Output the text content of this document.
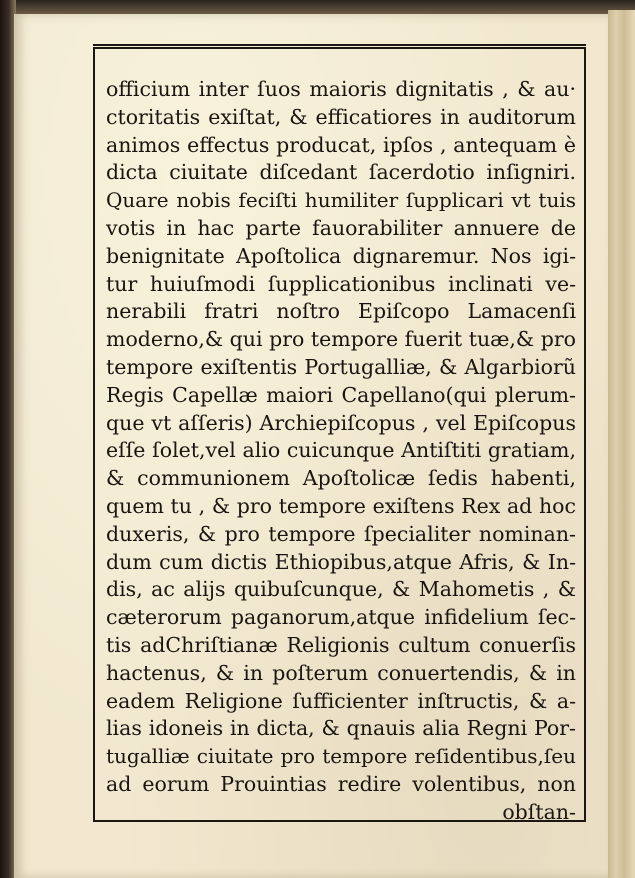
officium inter ſuos maioris dignitatis , & au·
ctoritatis exiſtat, & efficatiores in auditorum
animos effectus producat, ipſos , antequam è
dicta ciuitate diſcedant ſacerdotio inſigniri.
Quare nobis feciſti humiliter ſupplicari vt tuis
votis in hac parte fauorabiliter annuere de
benignitate Apoſtolica dignaremur. Nos igi-
tur huiuſmodi ſupplicationibus inclinati ve-
nerabili fratri noſtro Epiſcopo Lamacenſi
moderno,& qui pro tempore fuerit tuæ,& pro
tempore exiſtentis Portugalliæ, & Algarbiorũ
Regis Capellæ maiori Capellano(qui plerum-
que vt aſſeris) Archiepiſcopus , vel Epiſcopus
eſſe ſolet,vel alio cuicunque Antiſtiti gratiam,
& communionem Apoſtolicæ ſedis habenti,
quem tu , & pro tempore exiſtens Rex ad hoc
duxeris, & pro tempore ſpecialiter nominan-
dum cum dictis Ethiopibus,atque Afris, & In-
dis, ac alijs quibuſcunque, & Mahometis , &
cæterorum paganorum,atque infidelium ſec-
tis adChriſtianæ Religionis cultum conuerſis
hactenus, & in poſterum conuertendis, & in
eadem Religione ſufficienter inſtructis, & a-
lias idoneis in dicta, & qnauis alia Regni Por-
tugalliæ ciuitate pro tempore reſidentibus,ſeu
ad eorum Prouintias redire volentibus, non
obſtan-
